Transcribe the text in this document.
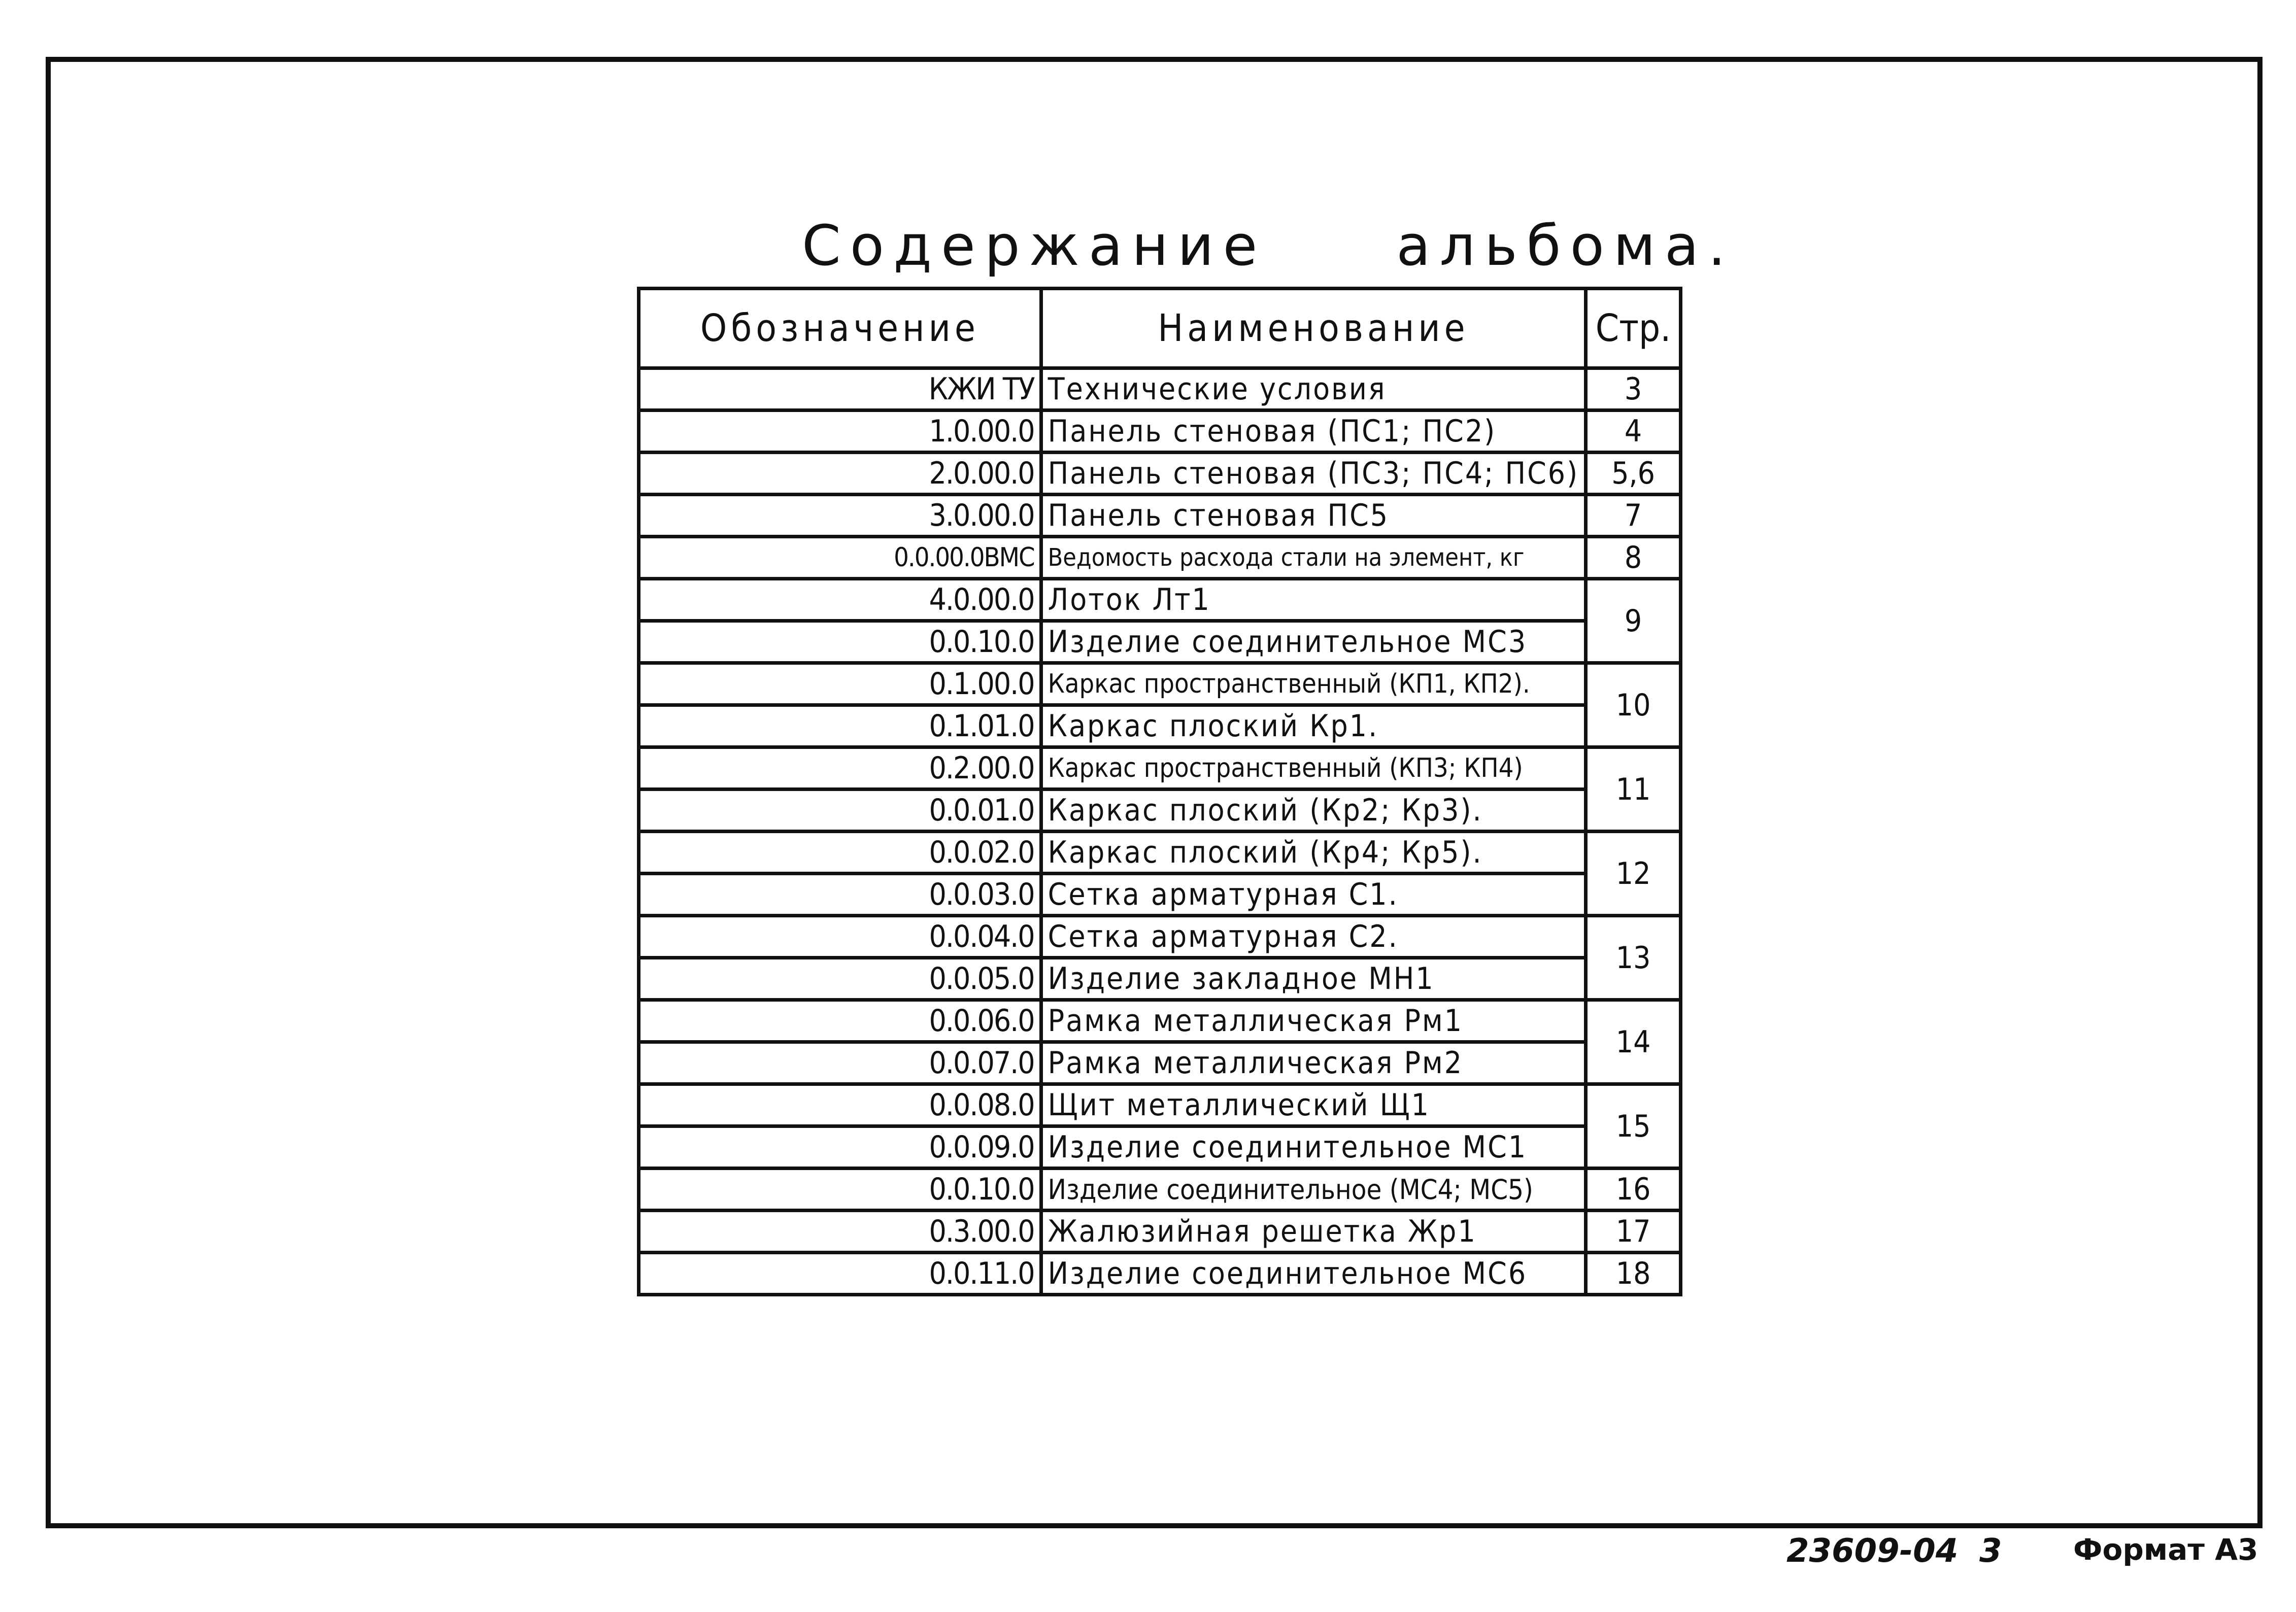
Содержание альбома.
Обозначение	Наименование	Стр.
КЖИ ТУ	Технические условия	3
1.0.00.0	Панель стеновая (ПС1; ПС2)	4
2.0.00.0	Панель стеновая (ПС3; ПС4; ПС6)	5,6
3.0.00.0	Панель стеновая ПС5	7
0.0.00.0ВМС	Ведомость расхода стали на элемент, кг	8
4.0.00.0	Лоток Лт1	9
0.0.10.0	Изделие соединительное МС3	
0.1.00.0	Каркас пространственный (КП1, КП2).	10
0.1.01.0	Каркас плоский Кр1.	
0.2.00.0	Каркас пространственный (КП3; КП4)	11
0.0.01.0	Каркас плоский (Кр2; Кр3).	
0.0.02.0	Каркас плоский (Кр4; Кр5).	12
0.0.03.0	Сетка арматурная С1.	
0.0.04.0	Сетка арматурная С2.	13
0.0.05.0	Изделие закладное МН1	
0.0.06.0	Рамка металлическая Рм1	14
0.0.07.0	Рамка металлическая Рм2	
0.0.08.0	Щит металлический Щ1	15
0.0.09.0	Изделие соединительное МС1	
0.0.10.0	Изделие соединительное (МС4; МС5)	16
0.3.00.0	Жалюзийная решетка Жр1	17
0.0.11.0	Изделие соединительное МС6	18
23609-04 3 Формат А3
